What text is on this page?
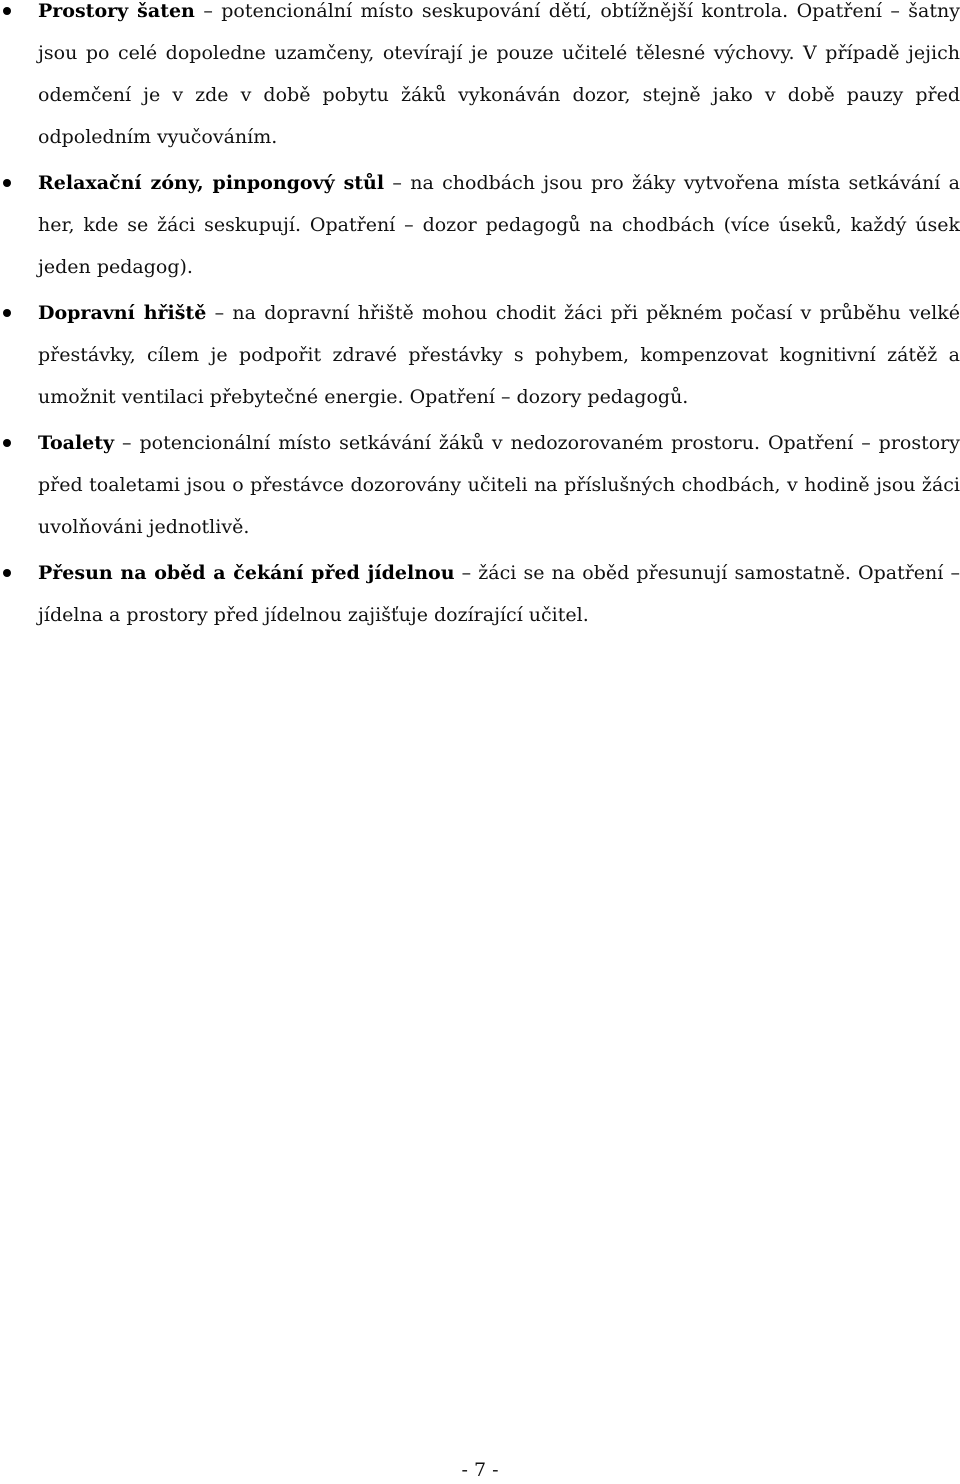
Prostory šaten – potencionální místo seskupování dětí, obtížnější kontrola. Opatření – šatny jsou po celé dopoledne uzamčeny, otevírají je pouze učitelé tělesné výchovy. V případě jejich odemčení je v zde v době pobytu žáků vykonáván dozor, stejně jako v době pauzy před odpoledním vyučováním.
Relaxační zóny, pinpongový stůl – na chodbách jsou pro žáky vytvořena místa setkávání a her, kde se žáci seskupují. Opatření – dozor pedagogů na chodbách (více úseků, každý úsek jeden pedagog).
Dopravní hřiště – na dopravní hřiště mohou chodit žáci při pěkném počasí v průběhu velké přestávky, cílem je podpořit zdravé přestávky s pohybem, kompenzovat kognitivní zátěž a umožnit ventilaci přebytečné energie. Opatření – dozory pedagogů.
Toalety – potencionální místo setkávání žáků v nedozorovaném prostoru. Opatření – prostory před toaletami jsou o přestávce dozorovány učiteli na příslušných chodbách, v hodině jsou žáci uvolňováni jednotlivě.
Přesun na oběd a čekání před jídelnou – žáci se na oběd přesunují samostatně. Opatření – jídelna a prostory před jídelnou zajišťuje dozírající učitel.
- 7 -
